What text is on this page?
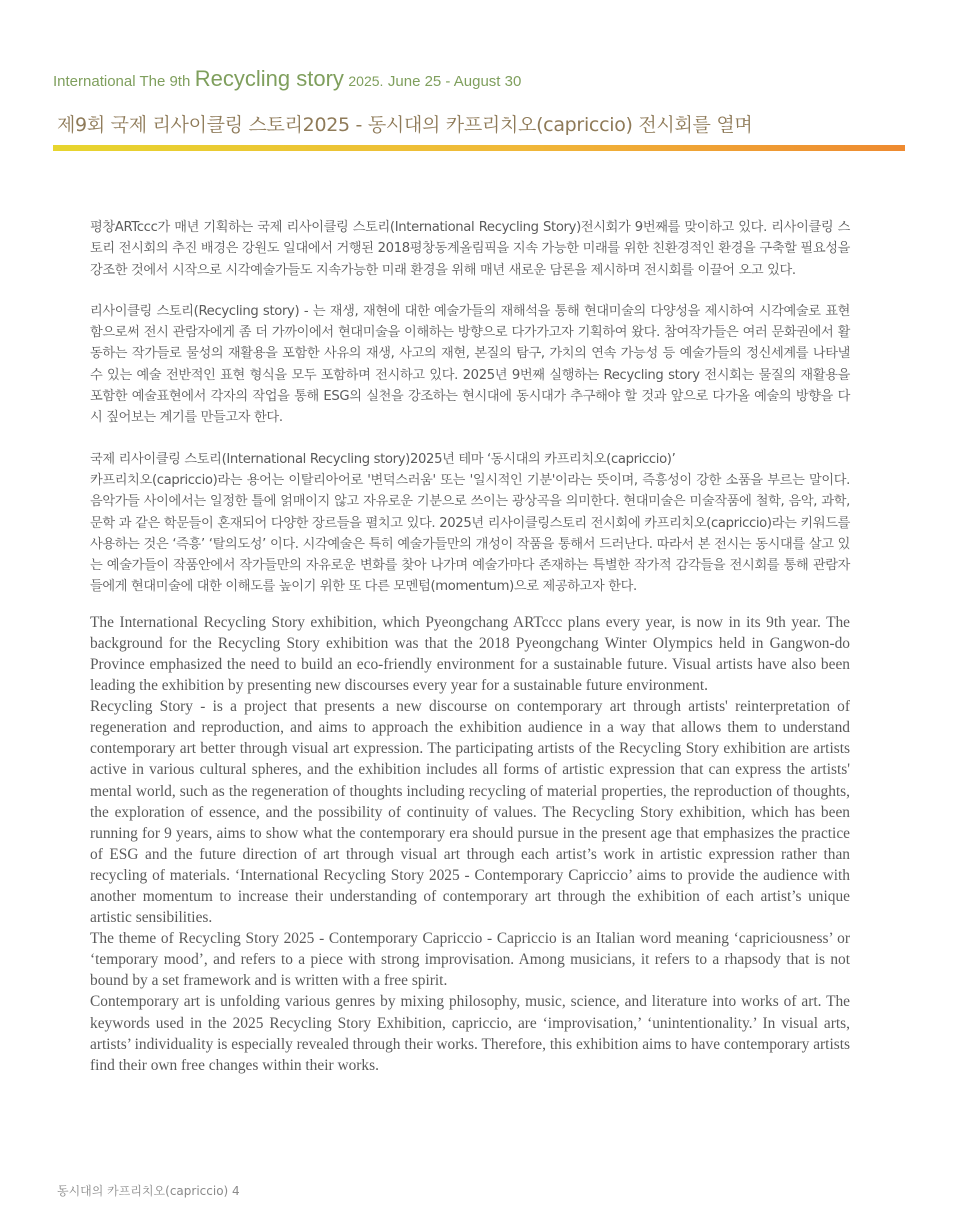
International The 9th Recycling story 2025. June 25 - August 30
제9회 국제 리사이클링 스토리2025 - 동시대의 카프리치오(capriccio) 전시회를 열며

평창ARTccc가 매년 기획하는 국제 리사이클링 스토리(International Recycling Story)전시회가 9번째를 맞이하고 있다. 리사이클링 스토리 전시회의 추진 배경은 강원도 일대에서 거행된 2018평창동계올림픽을 지속 가능한 미래를 위한 친환경적인 환경을 구축할 필요성을 강조한 것에서 시작으로 시각예술가들도 지속가능한 미래 환경을 위해 매년 새로운 담론을 제시하며 전시회를 이끌어 오고 있다.

리사이클링 스토리(Recycling story) - 는 재생, 재현에 대한 예술가들의 재해석을 통해 현대미술의 다양성을 제시하여 시각예술로 표현 함으로써 전시 관람자에게 좀 더 가까이에서 현대미술을 이해하는 방향으로 다가가고자 기획하여 왔다. 참여작가들은 여러 문화권에서 활동하는 작가들로 물성의 재활용을 포함한 사유의 재생, 사고의 재현, 본질의 탐구, 가치의 연속 가능성 등 예술가들의 정신세계를 나타낼 수 있는 예술 전반적인 표현 형식을 모두 포함하며 전시하고 있다. 2025년 9번째 실행하는 Recycling story 전시회는 물질의 재활용을 포함한 예술표현에서 각자의 작업을 통해 ESG의 실천을 강조하는 현시대에 동시대가 추구해야 할 것과 앞으로 다가올 예술의 방향을 다시 짚어보는 계기를 만들고자 한다.

국제 리사이클링 스토리(International Recycling story)2025년 테마 ‘동시대의 카프리치오(capriccio)’

카프리치오(capriccio)라는 용어는 이탈리아어로 '변덕스러움' 또는 '일시적인 기분'이라는 뜻이며, 즉흥성이 강한 소품을 부르는 말이다. 음악가들 사이에서는 일정한 틀에 얽매이지 않고 자유로운 기분으로 쓰이는 광상곡을 의미한다. 현대미술은 미술작품에 철학, 음악, 과학, 문학 과 같은 학문들이 혼재되어 다양한 장르들을 펼치고 있다. 2025년 리사이클링스토리 전시회에 카프리치오(capriccio)라는 키워드를 사용하는 것은 ‘즉흥’ ‘탈의도성’ 이다. 시각예술은 특히 예술가들만의 개성이 작품을 통해서 드러난다. 따라서 본 전시는 동시대를 살고 있는 예술가들이 작품안에서 작가들만의 자유로운 변화를 찾아 나가며 예술가마다 존재하는 특별한 작가적 감각들을 전시회를 통해 관람자들에게 현대미술에 대한 이해도를 높이기 위한 또 다른 모멘텀(momentum)으로 제공하고자 한다.

The International Recycling Story exhibition, which Pyeongchang ARTccc plans every year, is now in its 9th year. The background for the Recycling Story exhibition was that the 2018 Pyeongchang Winter Olympics held in Gangwon-do Province emphasized the need to build an eco-friendly environment for a sustainable future. Visual artists have also been leading the exhibition by presenting new discourses every year for a sustainable future environment.

Recycling Story - is a project that presents a new discourse on contemporary art through artists' reinterpretation of regeneration and reproduction, and aims to approach the exhibition audience in a way that allows them to understand contemporary art better through visual art expression. The participating artists of the Recycling Story exhibition are artists active in various cultural spheres, and the exhibition includes all forms of artistic expression that can express the artists' mental world, such as the regeneration of thoughts including recycling of material properties, the reproduction of thoughts, the exploration of essence, and the possibility of continuity of values. The Recycling Story exhibition, which has been running for 9 years, aims to show what the contemporary era should pursue in the present age that emphasizes the practice of ESG and the future direction of art through visual art through each artist’s work in artistic expression rather than recycling of materials. ‘International Recycling Story 2025 - Contemporary Capriccio’ aims to provide the audience with another momentum to increase their understanding of contemporary art through the exhibition of each artist’s unique artistic sensibilities.

The theme of Recycling Story 2025 - Contemporary Capriccio - Capriccio is an Italian word meaning ‘capriciousness’ or ‘temporary mood’, and refers to a piece with strong improvisation. Among musicians, it refers to a rhapsody that is not bound by a set framework and is written with a free spirit.

Contemporary art is unfolding various genres by mixing philosophy, music, science, and literature into works of art. The keywords used in the 2025 Recycling Story Exhibition, capriccio, are ‘improvisation,’ ‘unintentionality.’ In visual arts, artists’ individuality is especially revealed through their works. Therefore, this exhibition aims to have contemporary artists find their own free changes within their works.

동시대의 카프리치오(capriccio) 4
